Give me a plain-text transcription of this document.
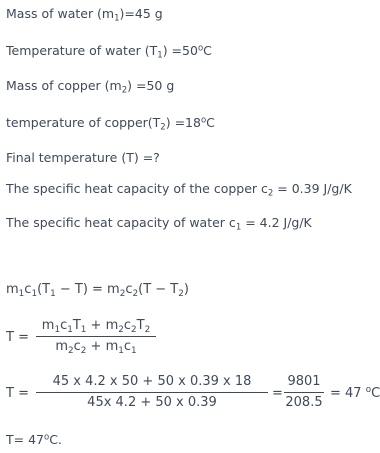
Mass of water $(m_1)=45$ g
Temperature of water $(T_1) =50^oC$
Mass of copper $(m_2) =50$ g
temperature of $copper(T_2) =18^oC$
Final temperature (T) =?
The specific heat capacity of the copper $c_2 = 0.39$ J/g/K
The specific heat capacity of water $c_1 = 4.2$ J/g/K
$m_1c_1(T_1 - T) = m_2c_2(T - T_2)$
$T = \frac{m_1c_1T_1 + m_2c_2T_2}{m_2c_2 + m_1c_1}$
$T = \frac{45 x 4.2 x 50 + 50 x 0.39 x 18}{45x 4.2 + 50 x 0.39} = \frac{9801}{208.5} = 47$ $^o$C
$T= 47^oC$.
